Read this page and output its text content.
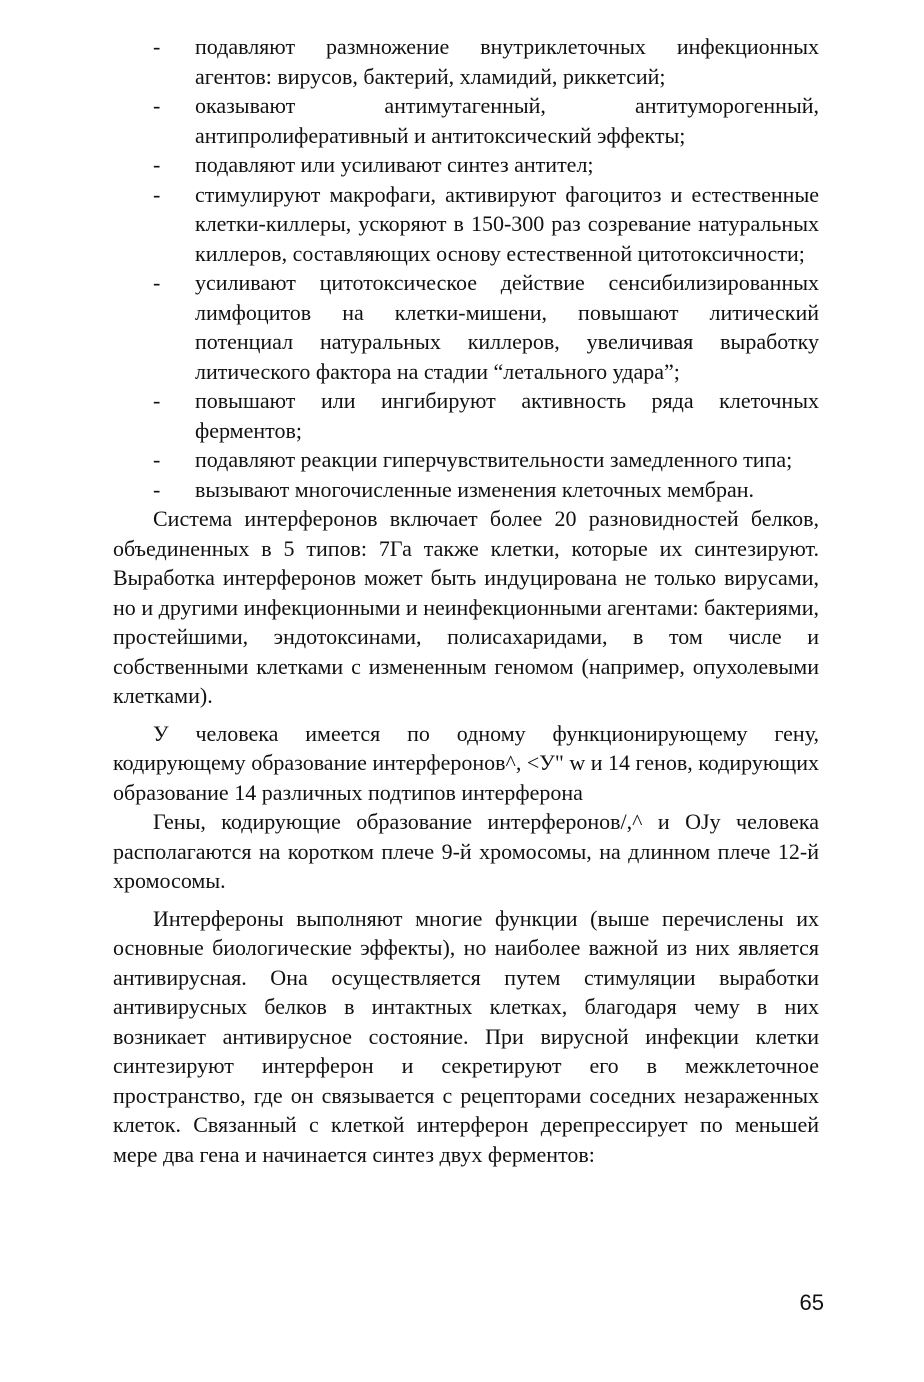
- подавляют размножение внутриклеточных инфекционных агентов: вирусов, бактерий, хламидий, риккетсий;
- оказывают антимутагенный, антитуморогенный, антипролиферативный и антитоксический эффекты;
- подавляют или усиливают синтез антител;
- стимулируют макрофаги, активируют фагоцитоз и естественные клетки-киллеры, ускоряют в 150-300 раз созревание натуральных киллеров, составляющих основу естественной цитотоксичности;
- усиливают цитотоксическое действие сенсибилизированных лимфоцитов на клетки-мишени, повышают литический потенциал натуральных киллеров, увеличивая выработку литического фактора на стадии “летального удара”;
- повышают или ингибируют активность ряда клеточных ферментов;
- подавляют реакции гиперчувствительности замедленного типа;
- вызывают многочисленные изменения клеточных мембран.

Система интерферонов включает более 20 разновидностей белков, объединенных в 5 типов: 7Га также клетки, которые их синтезируют. Выработка интерферонов может быть индуцирована не только вирусами, но и другими инфекционными и неинфекционными агентами: бактериями, простейшими, эндотоксинами, полисахаридами, в том числе и собственными клетками с измененным геномом (например, опухолевыми клетками).

У человека имеется по одному функционирующему гену, кодирующему образование интерферонов^, <У" w и 14 генов, кодирующих образование 14 различных подтипов интерферона

Гены, кодирующие образование интерферонов/,^ и OJy человека располагаются на коротком плече 9-й хромосомы, на длинном плече 12-й хромосомы.

Интерфероны выполняют многие функции (выше перечислены их основные биологические эффекты), но наиболее важной из них является антивирусная. Она осуществляется путем стимуляции выработки антивирусных белков в интактных клетках, благодаря чему в них возникает антивирусное состояние. При вирусной инфекции клетки синтезируют интерферон и секретируют его в межклеточное пространство, где он связывается с рецепторами соседних незараженных клеток. Связанный с клеткой интерферон дерепрессирует по меньшей мере два гена и начинается синтез двух ферментов:

65
